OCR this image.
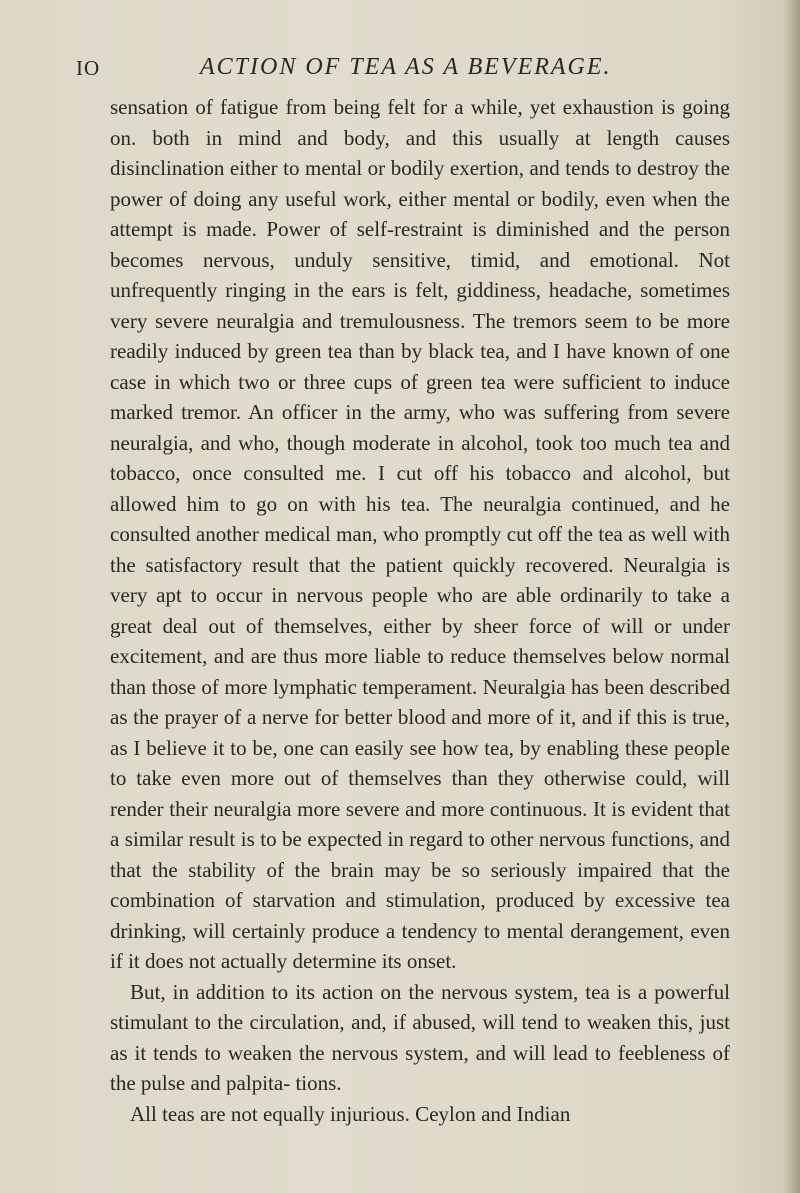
IO	ACTION OF TEA AS A BEVERAGE.

sensation of fatigue from being felt for a while, yet exhaustion is going on. both in mind and body, and this usually at length causes disinclination either to mental or bodily exertion, and tends to destroy the power of doing any useful work, either mental or bodily, even when the attempt is made. Power of self-restraint is diminished and the person becomes nervous, unduly sensitive, timid, and emotional. Not unfrequently ringing in the ears is felt, giddiness, headache, sometimes very severe neuralgia and tremulousness. The tremors seem to be more readily induced by green tea than by black tea, and I have known of one case in which two or three cups of green tea were sufficient to induce marked tremor. An officer in the army, who was suffering from severe neuralgia, and who, though moderate in alcohol, took too much tea and tobacco, once consulted me. I cut off his tobacco and alcohol, but allowed him to go on with his tea. The neuralgia continued, and he consulted another medical man, who promptly cut off the tea as well with the satisfactory result that the patient quickly recovered. Neuralgia is very apt to occur in nervous people who are able ordinarily to take a great deal out of themselves, either by sheer force of will or under excitement, and are thus more liable to reduce themselves below normal than those of more lymphatic temperament. Neuralgia has been described as the prayer of a nerve for better blood and more of it, and if this is true, as I believe it to be, one can easily see how tea, by enabling these people to take even more out of themselves than they otherwise could, will render their neuralgia more severe and more continuous. It is evident that a similar result is to be expected in regard to other nervous functions, and that the stability of the brain may be so seriously impaired that the combination of starvation and stimulation, produced by excessive tea drinking, will certainly produce a tendency to mental derangement, even if it does not actually determine its onset.

But, in addition to its action on the nervous system, tea is a powerful stimulant to the circulation, and, if abused, will tend to weaken this, just as it tends to weaken the nervous system, and will lead to feebleness of the pulse and palpita- tions.

All teas are not equally injurious. Ceylon and Indian
